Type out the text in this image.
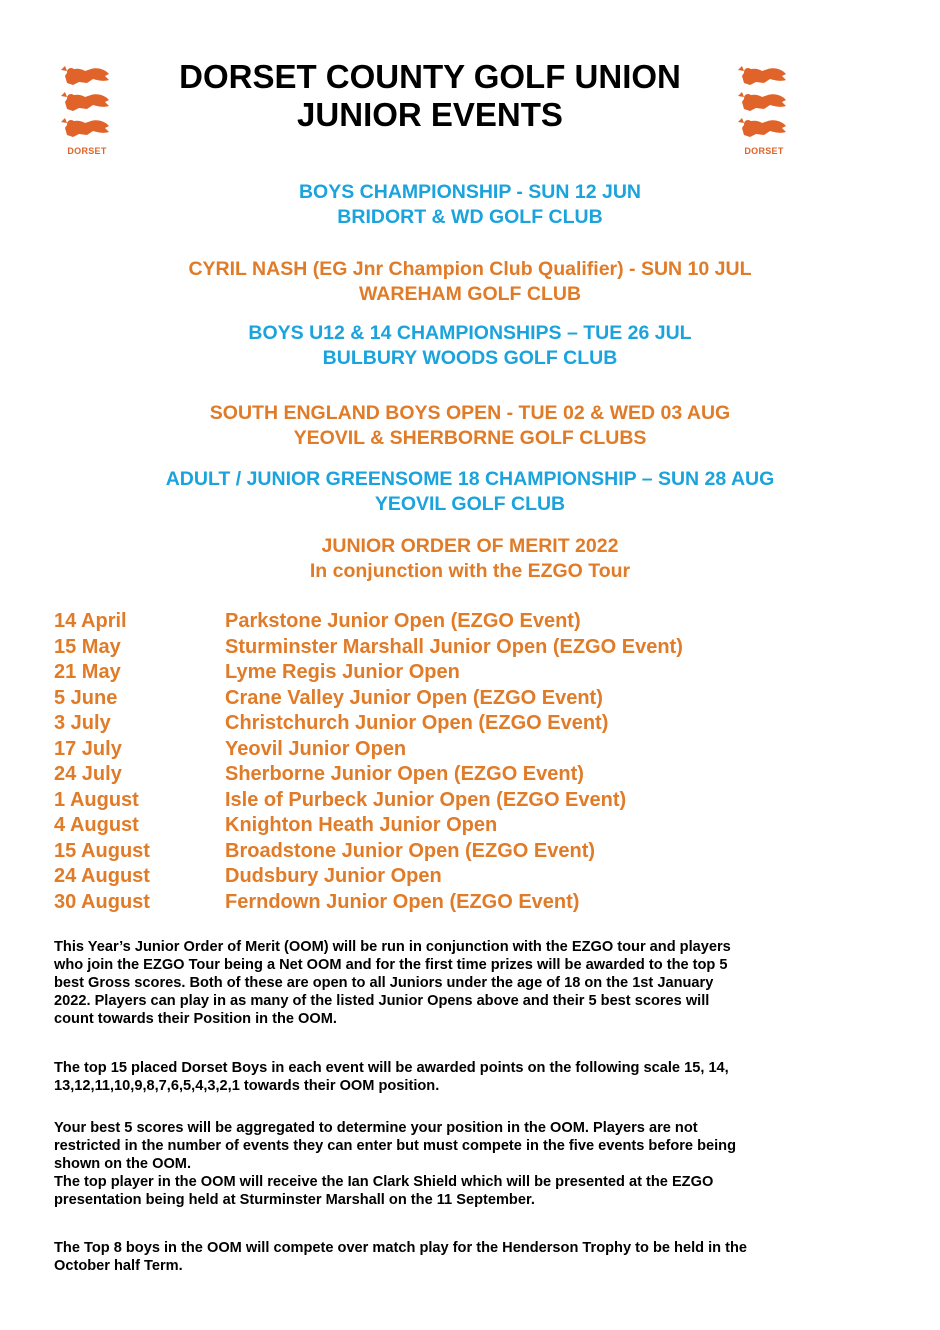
DORSET	DORSET
DORSET COUNTY GOLF UNION
JUNIOR EVENTS
BOYS CHAMPIONSHIP - SUN 12 JUN
BRIDORT & WD GOLF CLUB
CYRIL NASH (EG Jnr Champion Club Qualifier) - SUN 10 JUL
WAREHAM GOLF CLUB
BOYS U12 & 14 CHAMPIONSHIPS – TUE 26 JUL
BULBURY WOODS GOLF CLUB
SOUTH ENGLAND BOYS OPEN - TUE 02 & WED 03 AUG
YEOVIL & SHERBORNE GOLF CLUBS
ADULT / JUNIOR GREENSOME 18 CHAMPIONSHIP – SUN 28 AUG
YEOVIL GOLF CLUB
JUNIOR ORDER OF MERIT 2022
In conjunction with the EZGO Tour
14 April	Parkstone Junior Open (EZGO Event)
15 May	Sturminster Marshall Junior Open (EZGO Event)
21 May	Lyme Regis Junior Open
5 June	Crane Valley Junior Open (EZGO Event)
3 July	Christchurch Junior Open (EZGO Event)
17 July	Yeovil Junior Open
24 July	Sherborne Junior Open (EZGO Event)
1 August	Isle of Purbeck Junior Open (EZGO Event)
4 August	Knighton Heath Junior Open
15 August	Broadstone Junior Open (EZGO Event)
24 August	Dudsbury Junior Open
30 August	Ferndown Junior Open (EZGO Event)
This Year’s Junior Order of Merit (OOM) will be run in conjunction with the EZGO tour and players
who join the EZGO Tour being a Net OOM and for the first time prizes will be awarded to the top 5
best Gross scores. Both of these are open to all Juniors under the age of 18 on the 1st January
2022. Players can play in as many of the listed Junior Opens above and their 5 best scores will
count towards their Position in the OOM.
The top 15 placed Dorset Boys in each event will be awarded points on the following scale 15, 14,
13,12,11,10,9,8,7,6,5,4,3,2,1 towards their OOM position.
Your best 5 scores will be aggregated to determine your position in the OOM. Players are not
restricted in the number of events they can enter but must compete in the five events before being
shown on the OOM.
The top player in the OOM will receive the Ian Clark Shield which will be presented at the EZGO
presentation being held at Sturminster Marshall on the 11 September.
The Top 8 boys in the OOM will compete over match play for the Henderson Trophy to be held in the
October half Term.
